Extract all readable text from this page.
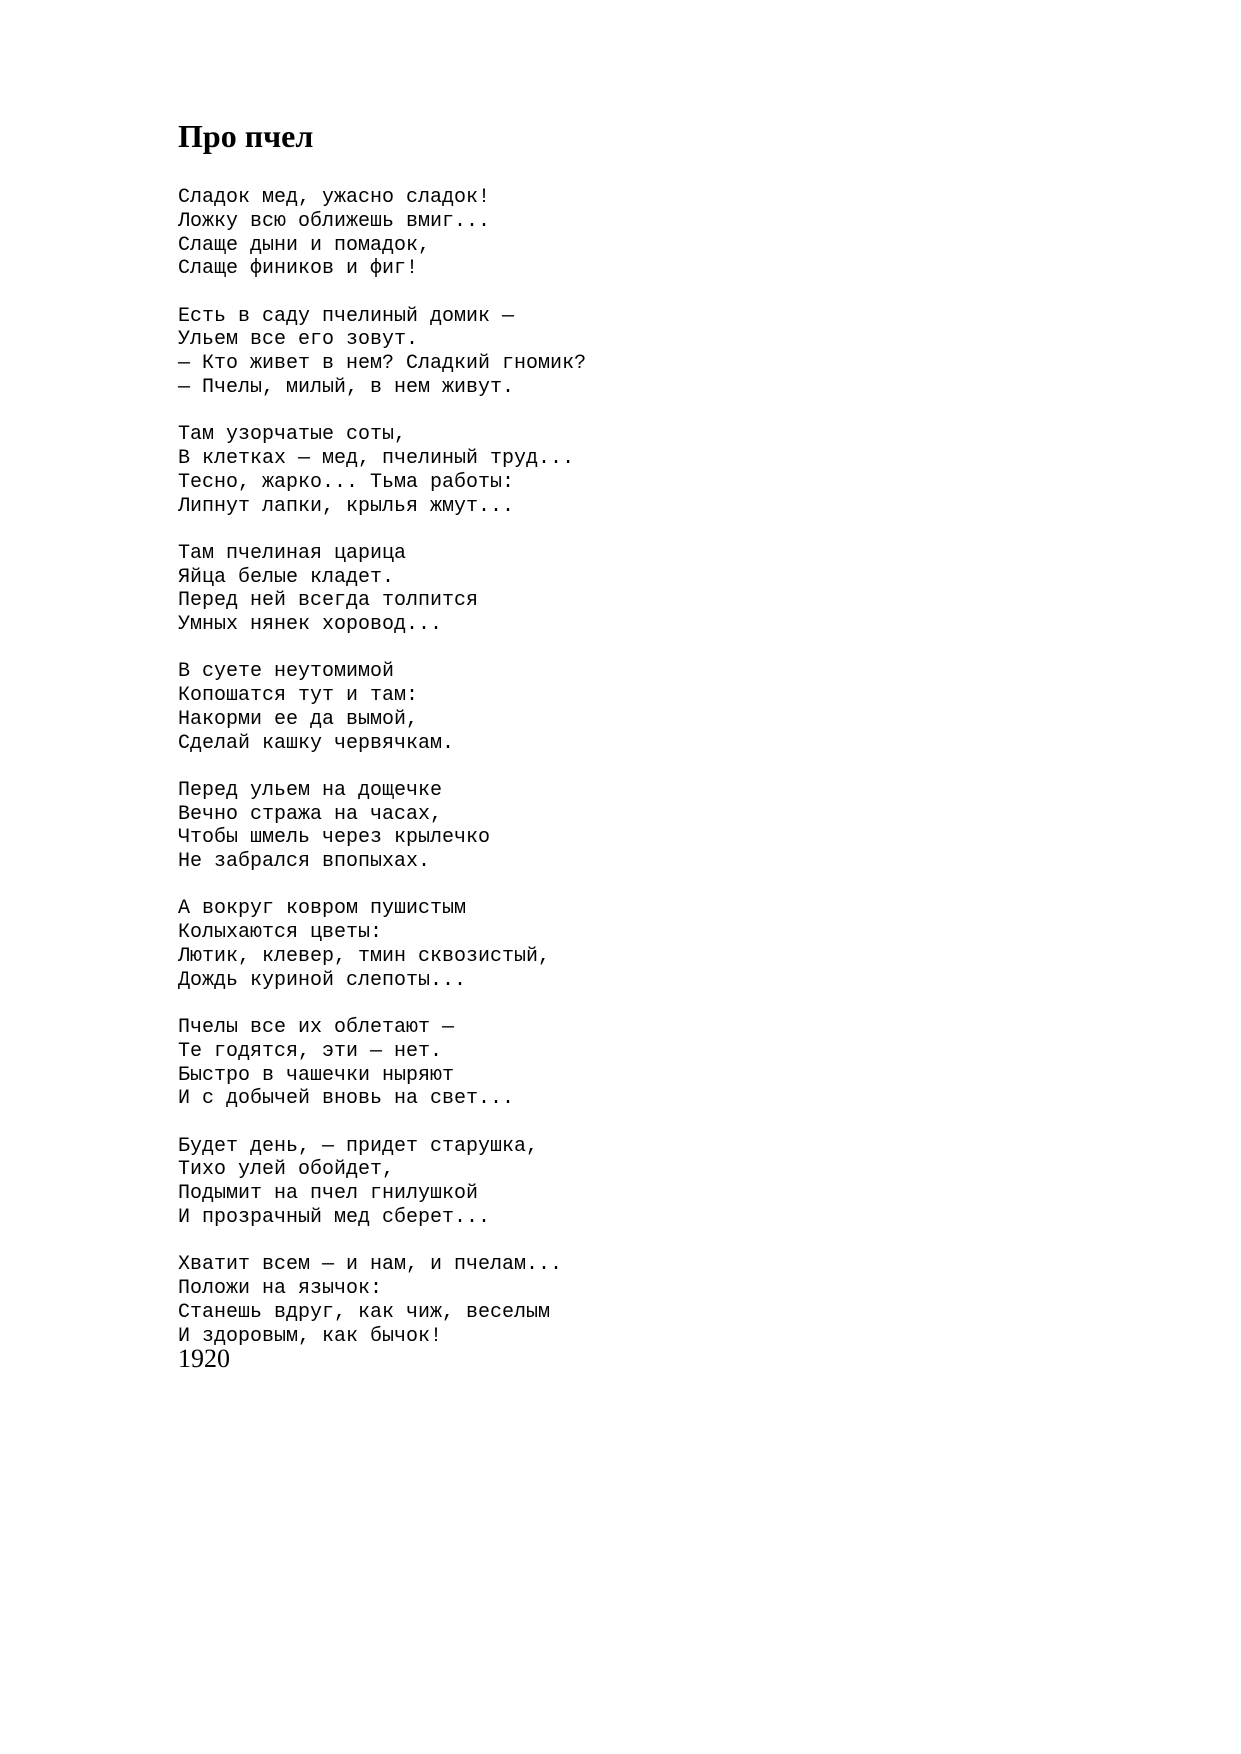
Про пчел
Сладок мед, ужасно сладок!
Ложку всю оближешь вмиг...
Слаще дыни и помадок,
Слаще фиников и фиг!
Есть в саду пчелиный домик —
Ульем все его зовут.
— Кто живет в нем? Сладкий гномик?
— Пчелы, милый, в нем живут.
Там узорчатые соты,
В клетках — мед, пчелиный труд...
Тесно, жарко... Тьма работы:
Липнут лапки, крылья жмут...
Там пчелиная царица
Яйца белые кладет.
Перед ней всегда толпится
Умных нянек хоровод...
В суете неутомимой
Копошатся тут и там:
Накорми ее да вымой,
Сделай кашку червячкам.
Перед ульем на дощечке
Вечно стража на часах,
Чтобы шмель через крылечко
Не забрался впопыхах.
А вокруг ковром пушистым
Колыхаются цветы:
Лютик, клевер, тмин сквозистый,
Дождь куриной слепоты...
Пчелы все их облетают —
Те годятся, эти — нет.
Быстро в чашечки ныряют
И с добычей вновь на свет...
Будет день, — придет старушка,
Тихо улей обойдет,
Подымит на пчел гнилушкой
И прозрачный мед сберет...
Хватит всем — и нам, и пчелам...
Положи на язычок:
Станешь вдруг, как чиж, веселым
И здоровым, как бычок!
1920
